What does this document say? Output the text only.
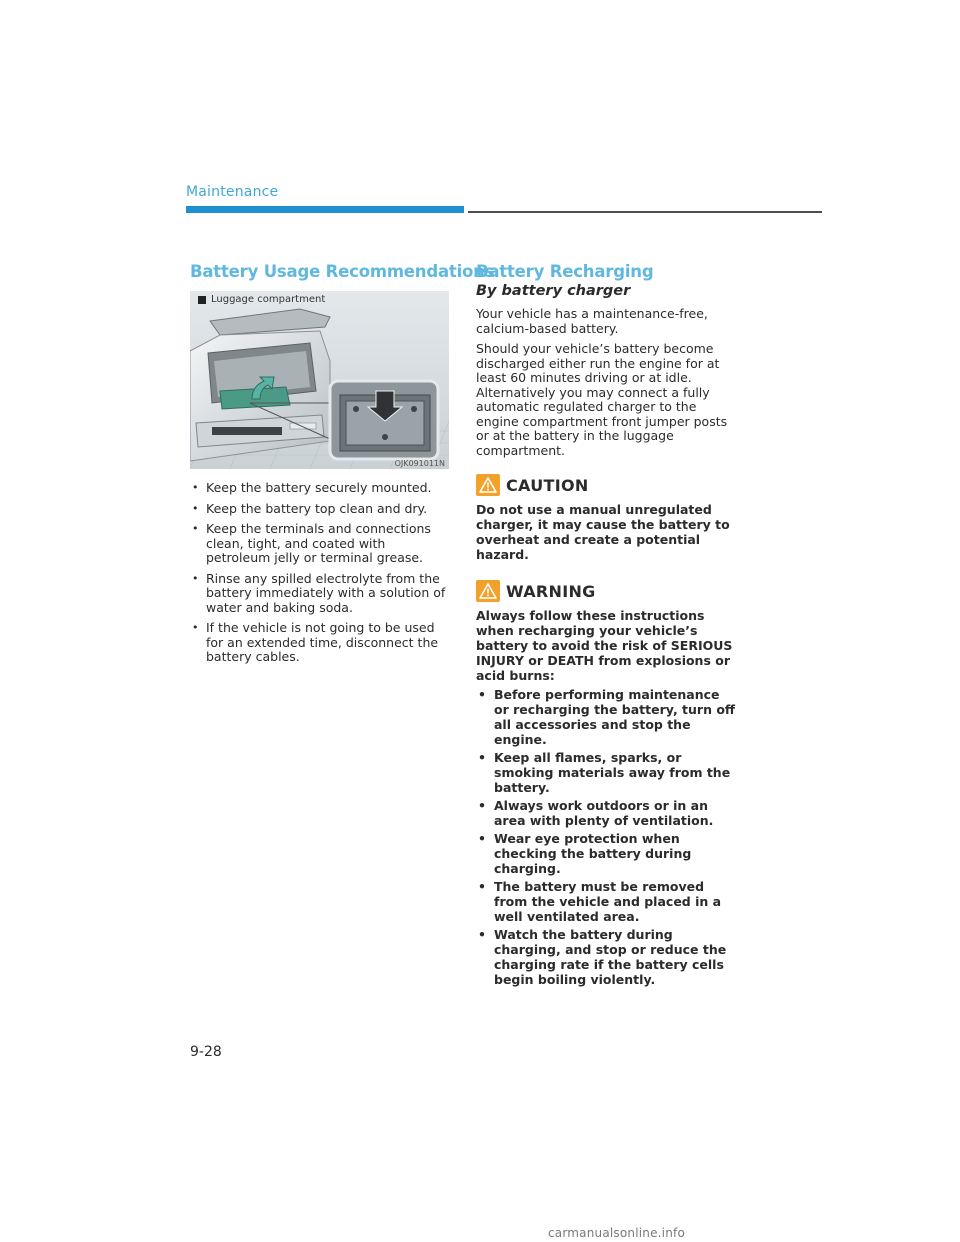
Maintenance
Battery Usage Recommendations
Luggage compartment
OJK091011N
• Keep the battery securely mounted.
• Keep the battery top clean and dry.
• Keep the terminals and connections clean, tight, and coated with petroleum jelly or terminal grease.
• Rinse any spilled electrolyte from the battery immediately with a solution of water and baking soda.
• If the vehicle is not going to be used for an extended time, disconnect the battery cables.
Battery Recharging
By battery charger

Your vehicle has a maintenance-free, calcium-based battery.

Should your vehicle’s battery become discharged either run the engine for at least 60 minutes driving or at idle. Alternatively you may connect a fully automatic regulated charger to the engine compartment front jumper posts or at the battery in the luggage compartment.

CAUTION

Do not use a manual unregulated charger, it may cause the battery to overheat and create a potential hazard.

WARNING

Always follow these instructions when recharging your vehicle’s battery to avoid the risk of SERIOUS INJURY or DEATH from explosions or acid burns:

• Before performing maintenance or recharging the battery, turn off all accessories and stop the engine.
• Keep all flames, sparks, or smoking materials away from the battery.
• Always work outdoors or in an area with plenty of ventilation.
• Wear eye protection when checking the battery during charging.
• The battery must be removed from the vehicle and placed in a well ventilated area.
• Watch the battery during charging, and stop or reduce the charging rate if the battery cells begin boiling violently.
9-28
carmanualsonline.info
